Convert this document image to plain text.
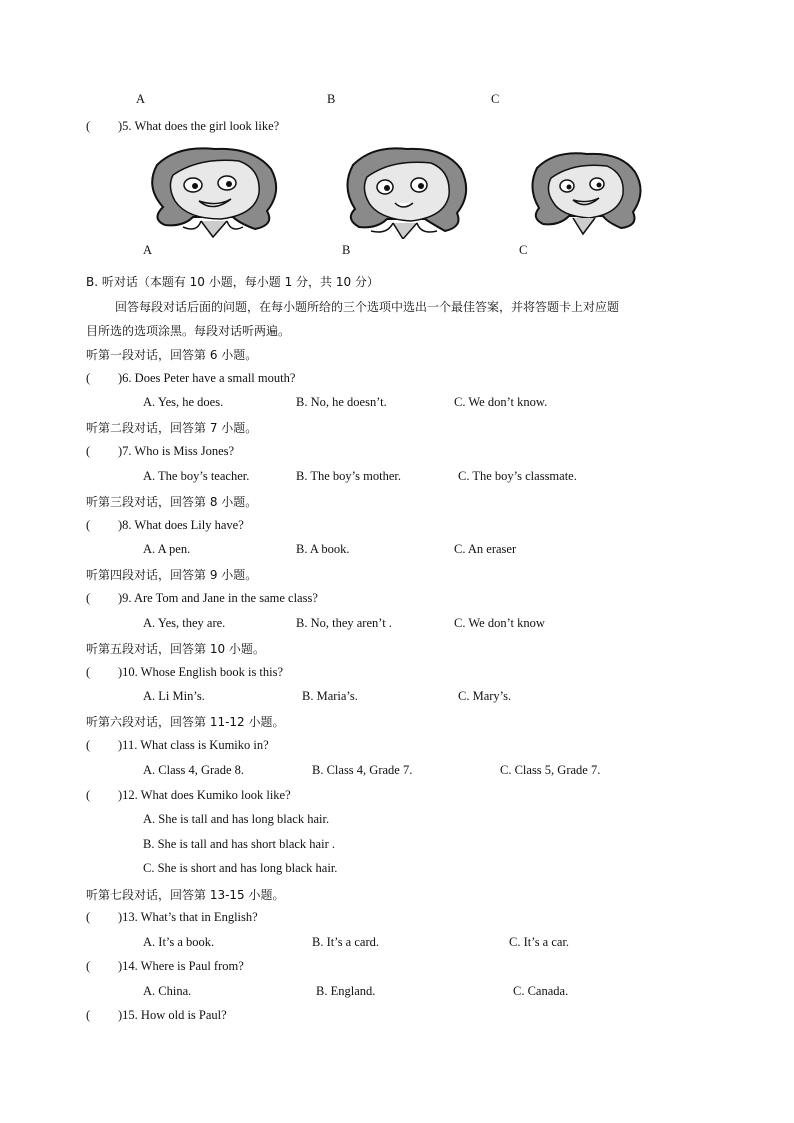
A	B	C
( )5. What does the girl look like?
A	B	C
B. 听对话（本题有 10 小题，每小题 1 分，共 10 分）
回答每段对话后面的问题，在每小题所给的三个选项中选出一个最佳答案，并将答题卡上对应题
目所选的选项涂黑。每段对话听两遍。
听第一段对话，回答第 6 小题。
( )6. Does Peter have a small mouth?
A. Yes, he does.	B. No, he doesn’t.	C. We don’t know.
听第二段对话，回答第 7 小题。
( )7. Who is Miss Jones?
A. The boy’s teacher.	B. The boy’s mother.	C. The boy’s classmate.
听第三段对话，回答第 8 小题。
( )8. What does Lily have?
A. A pen.	B. A book.	C. An eraser
听第四段对话，回答第 9 小题。
( )9. Are Tom and Jane in the same class?
A. Yes, they are.	B. No, they aren’t .	C. We don’t know
听第五段对话，回答第 10 小题。
( )10. Whose English book is this?
A. Li Min’s.	B. Maria’s.	C. Mary’s.
听第六段对话，回答第 11-12 小题。
( )11. What class is Kumiko in?
A. Class 4, Grade 8.	B. Class 4, Grade 7.	C. Class 5, Grade 7.
( )12. What does Kumiko look like?
A. She is tall and has long black hair.
B. She is tall and has short black hair .
C. She is short and has long black hair.
听第七段对话，回答第 13-15 小题。
( )13. What’s that in English?
A. It’s a book.	B. It’s a card.	C. It’s a car.
( )14. Where is Paul from?
A. China.	B. England.	C. Canada.
( )15. How old is Paul?
